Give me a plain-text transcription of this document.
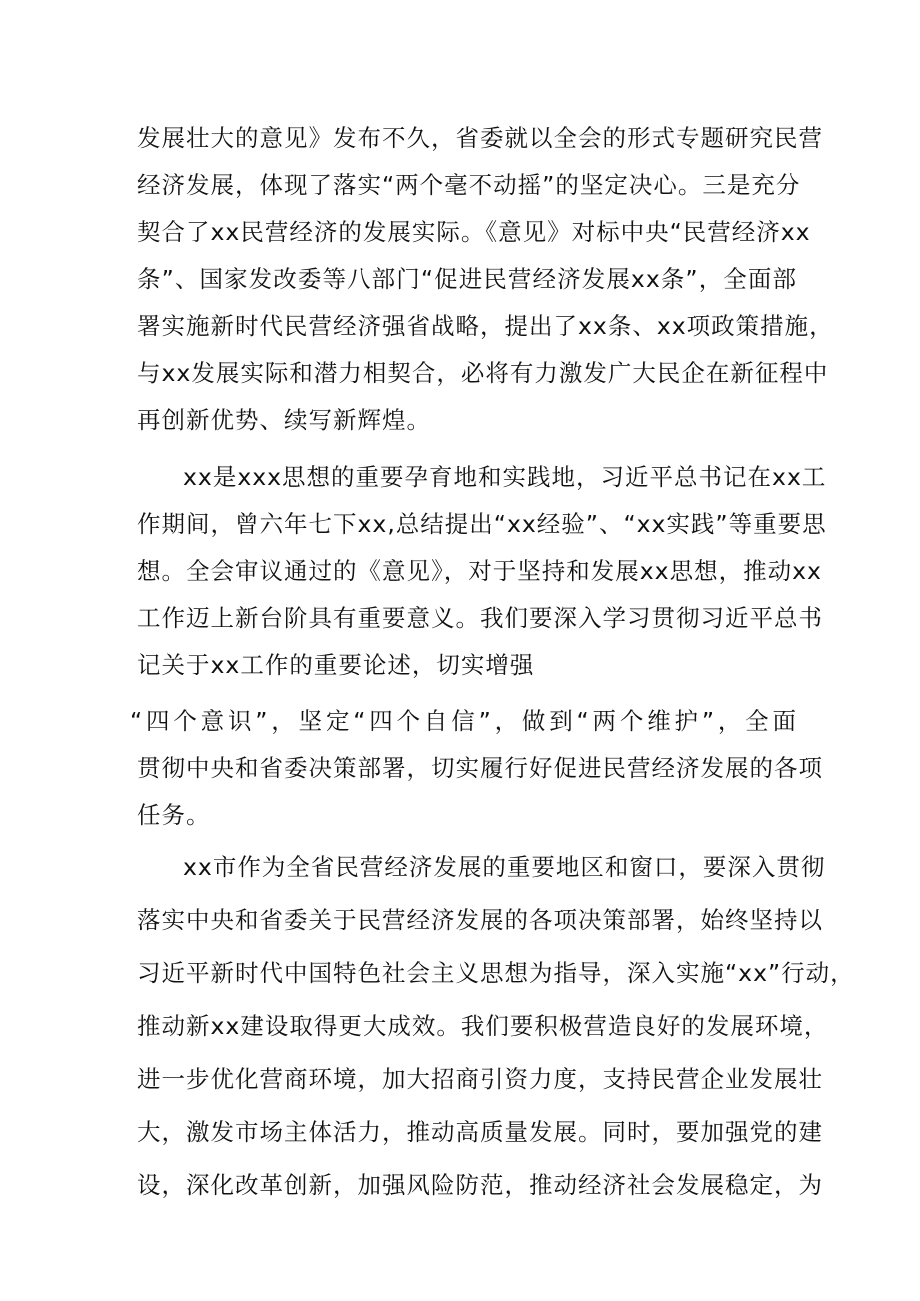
发展壮大的意见》发布不久，省委就以全会的形式专题研究民营
经济发展，体现了落实“两个毫不动摇”的坚定决心。三是充分
契合了xx民营经济的发展实际。《意见》对标中央“民营经济xx
条”、国家发改委等八部门“促进民营经济发展xx条”，全面部
署实施新时代民营经济强省战略，提出了xx条、xx项政策措施，
与xx发展实际和潜力相契合，必将有力激发广大民企在新征程中
再创新优势、续写新辉煌。
xx是xxx思想的重要孕育地和实践地，习近平总书记在xx工
作期间，曾六年七下xx,总结提出“xx经验”、“xx实践”等重要思
想。全会审议通过的《意见》，对于坚持和发展xx思想，推动xx
工作迈上新台阶具有重要意义。我们要深入学习贯彻习近平总书
记关于xx工作的重要论述，切实增强
“四个意识”，坚定“四个自信”，做到“两个维护”，全面
贯彻中央和省委决策部署，切实履行好促进民营经济发展的各项
任务。
xx市作为全省民营经济发展的重要地区和窗口，要深入贯彻
落实中央和省委关于民营经济发展的各项决策部署，始终坚持以
习近平新时代中国特色社会主义思想为指导，深入实施“xx”行动，
推动新xx建设取得更大成效。我们要积极营造良好的发展环境，
进一步优化营商环境，加大招商引资力度，支持民营企业发展壮
大，激发市场主体活力，推动高质量发展。同时，要加强党的建
设，深化改革创新，加强风险防范，推动经济社会发展稳定，为
